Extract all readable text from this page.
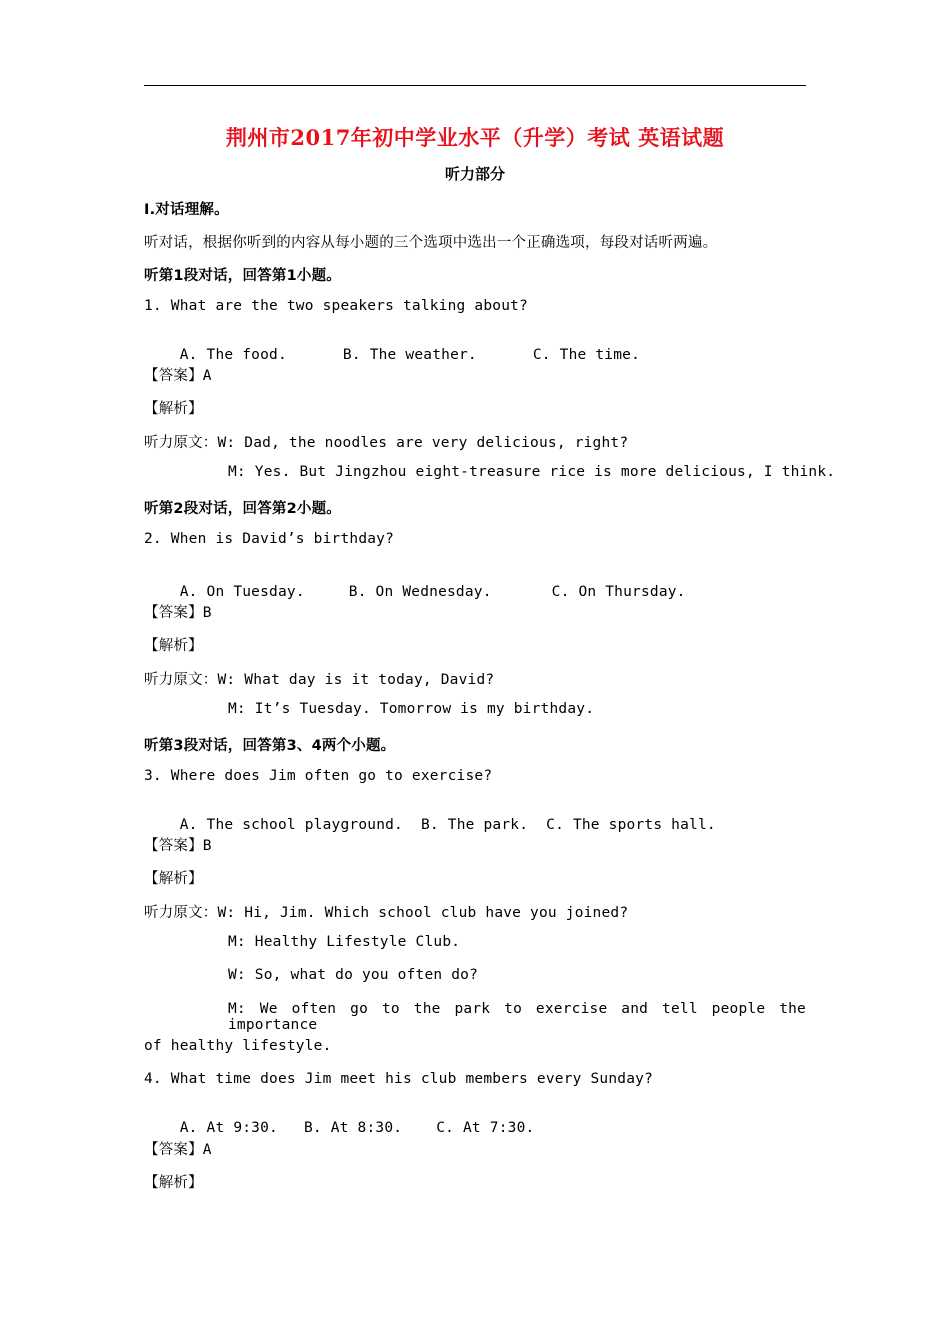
荆州市2017年初中学业水平（升学）考试 英语试题
听力部分
I.对话理解。
听对话，根据你听到的内容从每小题的三个选项中选出一个正确选项，每段对话听两遍。
听第1段对话，回答第1小题。
1. What are the two speakers talking about?

A. The food.	B. The weather.	C. The time.

【答案】A
【解析】
听力原文：W: Dad, the noodles are very delicious, right?
M: Yes. But Jingzhou eight-treasure rice is more delicious, I think.
听第2段对话，回答第2小题。
2. When is David’s birthday?

A. On Tuesday.	B. On Wednesday.	C. On Thursday.

【答案】B
【解析】
听力原文：W: What day is it today, David?
M: It’s Tuesday. Tomorrow is my birthday.
听第3段对话，回答第3、4两个小题。
3. Where does Jim often go to exercise?

A. The school playground. B. The park. C. The sports hall.

【答案】B
【解析】
听力原文：W: Hi, Jim. Which school club have you joined?
M: Healthy Lifestyle Club.
W: So, what do you often do?
M: We often go to the park to exercise and tell people the importance
of healthy lifestyle.
4. What time does Jim meet his club members every Sunday?

A. At 9:30. B. At 8:30. C. At 7:30.

【答案】A
【解析】
